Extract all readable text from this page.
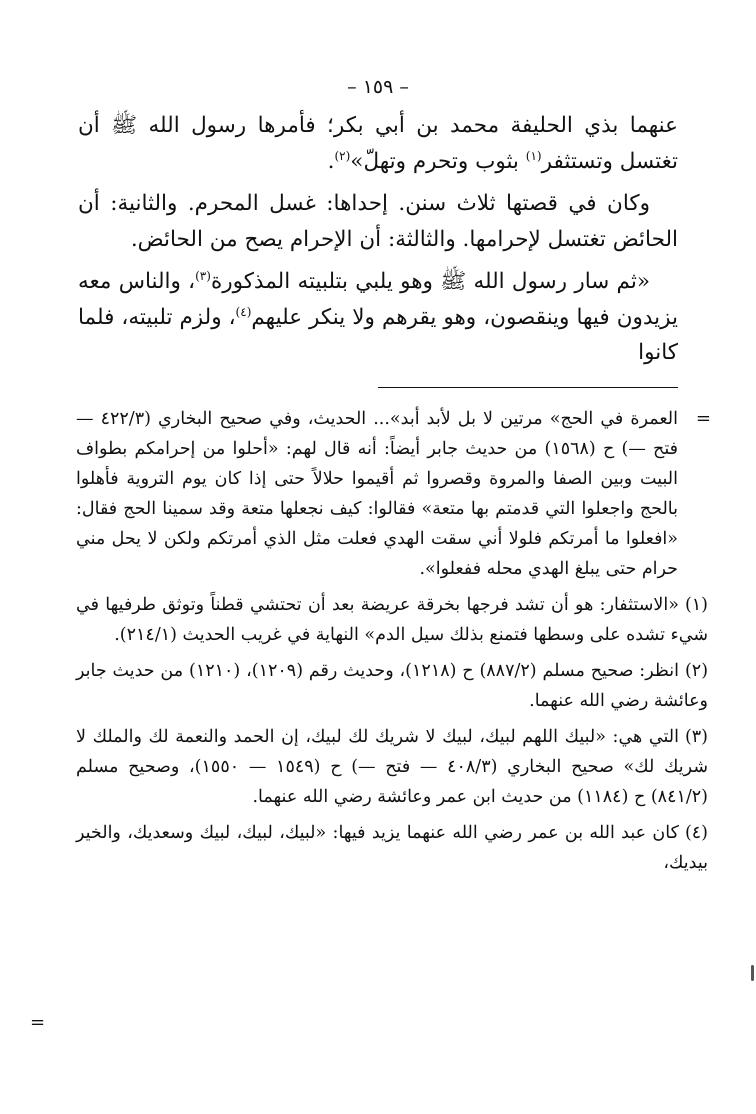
– ١٥٩ –

عنهما بذي الحليفة محمد بن أبي بكر؛ فأمرها رسول الله ﷺ أن تغتسل وتستثفر$^{(١)}$ بثوب وتحرم وتهلّ»$^{(٢)}$.

وكان في قصتها ثلاث سنن. إحداها: غسل المحرم. والثانية: أن الحائض تغتسل لإحرامها. والثالثة: أن الإحرام يصح من الحائض.

«ثم سار رسول الله ﷺ وهو يلبي بتلبيته المذكورة$^{(٣)}$، والناس معه يزيدون فيها وينقصون، وهو يقرهم ولا ينكر عليهم$^{(٤)}$، ولزم تلبيته، فلما كانوا

=
العمرة في الحج» مرتين لا بل لأبد أبد»... الحديث، وفي صحيح البخاري (٤٢٢/٣ — فتح —) ح (١٥٦٨) من حديث جابر أيضاً: أنه قال لهم: «أحلوا من إحرامكم بطواف البيت وبين الصفا والمروة وقصروا ثم أقيموا حلالاً حتى إذا كان يوم التروية فأهلوا بالحج واجعلوا التي قدمتم بها متعة» فقالوا: كيف نجعلها متعة وقد سمينا الحج فقال: «افعلوا ما أمرتكم فلولا أني سقت الهدي فعلت مثل الذي أمرتكم ولكن لا يحل مني حرام حتى يبلغ الهدي محله ففعلوا».
(١)«الاستثفار: هو أن تشد فرجها بخرقة عريضة بعد أن تحتشي قطناً وتوثق طرفيها في شيء تشده على وسطها فتمنع بذلك سيل الدم» النهاية في غريب الحديث (٢١٤/١).
(٢)انظر: صحيح مسلم (٨٨٧/٢) ح (١٢١٨)، وحديث رقم (١٢٠٩)، (١٢١٠) من حديث جابر وعائشة رضي الله عنهما.
(٣)التي هي: «لبيك اللهم لبيك، لبيك لا شريك لك لبيك، إن الحمد والنعمة لك والملك لا شريك لك» صحيح البخاري (٤٠٨/٣ — فتح —) ح (١٥٤٩ — ١٥٥٠)، وصحيح مسلم (٨٤١/٢) ح (١١٨٤) من حديث ابن عمر وعائشة رضي الله عنهما.
(٤)كان عبد الله بن عمر رضي الله عنهما يزيد فيها: «لبيك، لبيك، لبيك وسعديك، والخير بيديك،
=
